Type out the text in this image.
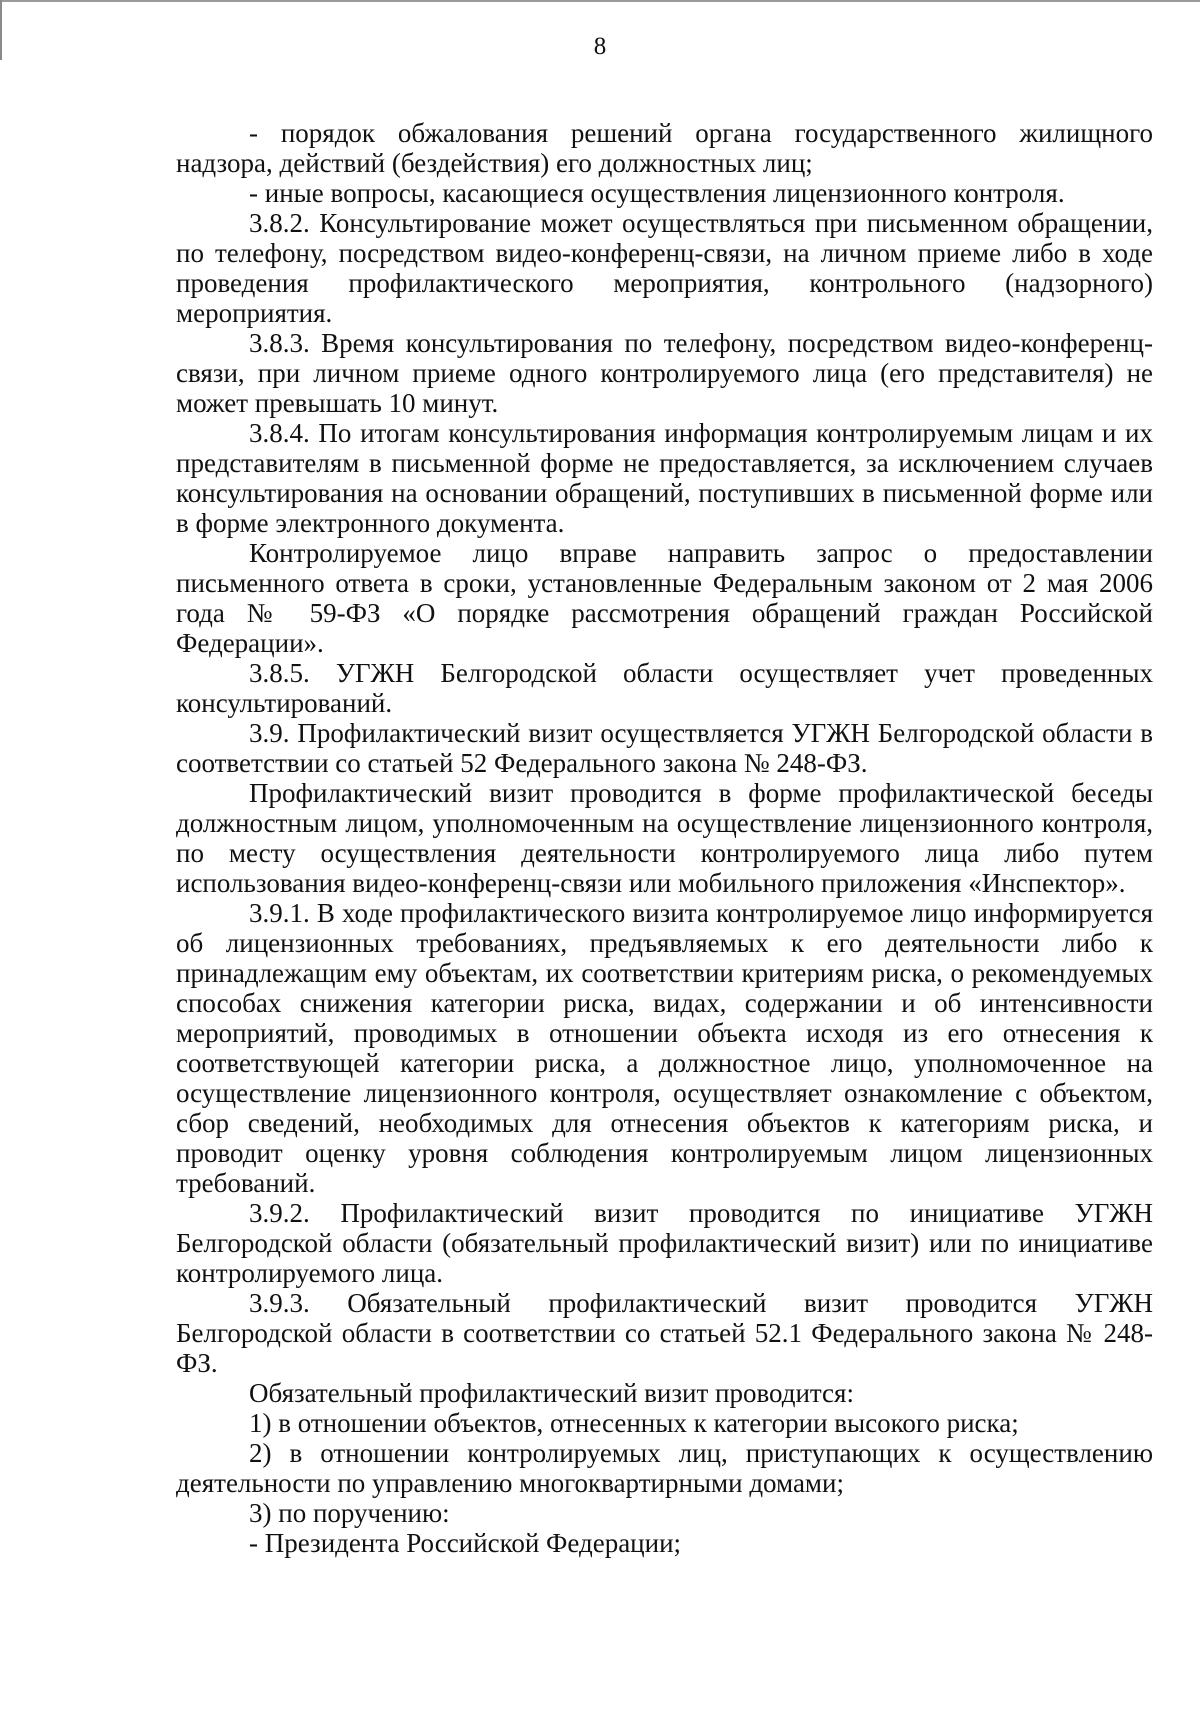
8

- порядок обжалования решений органа государственного жилищного надзора, действий (бездействия) его должностных лиц;

- иные вопросы, касающиеся осуществления лицензионного контроля.

3.8.2. Консультирование может осуществляться при письменном обращении, по телефону, посредством видео-конференц-связи, на личном приеме либо в ходе проведения профилактического мероприятия, контрольного (надзорного) мероприятия.

3.8.3. Время консультирования по телефону, посредством видео-конференц-связи, при личном приеме одного контролируемого лица (его представителя) не может превышать 10 минут.

3.8.4. По итогам консультирования информация контролируемым лицам и их представителям в письменной форме не предоставляется, за исключением случаев консультирования на основании обращений, поступивших в письменной форме или в форме электронного документа.

Контролируемое лицо вправе направить запрос о предоставлении письменного ответа в сроки, установленные Федеральным законом от 2 мая 2006 года № 59-ФЗ «О порядке рассмотрения обращений граждан Российской Федерации».

3.8.5. УГЖН Белгородской области осуществляет учет проведенных консультирований.

3.9. Профилактический визит осуществляется УГЖН Белгородской области в соответствии со статьей 52 Федерального закона № 248-ФЗ.

Профилактический визит проводится в форме профилактической беседы должностным лицом, уполномоченным на осуществление лицензионного контроля, по месту осуществления деятельности контролируемого лица либо путем использования видео-конференц-связи или мобильного приложения «Инспектор».

3.9.1. В ходе профилактического визита контролируемое лицо информируется об лицензионных требованиях, предъявляемых к его деятельности либо к принадлежащим ему объектам, их соответствии критериям риска, о рекомендуемых способах снижения категории риска, видах, содержании и об интенсивности мероприятий, проводимых в отношении объекта исходя из его отнесения к соответствующей категории риска, а должностное лицо, уполномоченное на осуществление лицензионного контроля, осуществляет ознакомление с объектом, сбор сведений, необходимых для отнесения объектов к категориям риска, и проводит оценку уровня соблюдения контролируемым лицом лицензионных требований.

3.9.2. Профилактический визит проводится по инициативе УГЖН Белгородской области (обязательный профилактический визит) или по инициативе контролируемого лица.

3.9.3. Обязательный профилактический визит проводится УГЖН Белгородской области в соответствии со статьей 52.1 Федерального закона № 248-ФЗ.

Обязательный профилактический визит проводится:

1) в отношении объектов, отнесенных к категории высокого риска;

2) в отношении контролируемых лиц, приступающих к осуществлению деятельности по управлению многоквартирными домами;

3) по поручению:

- Президента Российской Федерации;
